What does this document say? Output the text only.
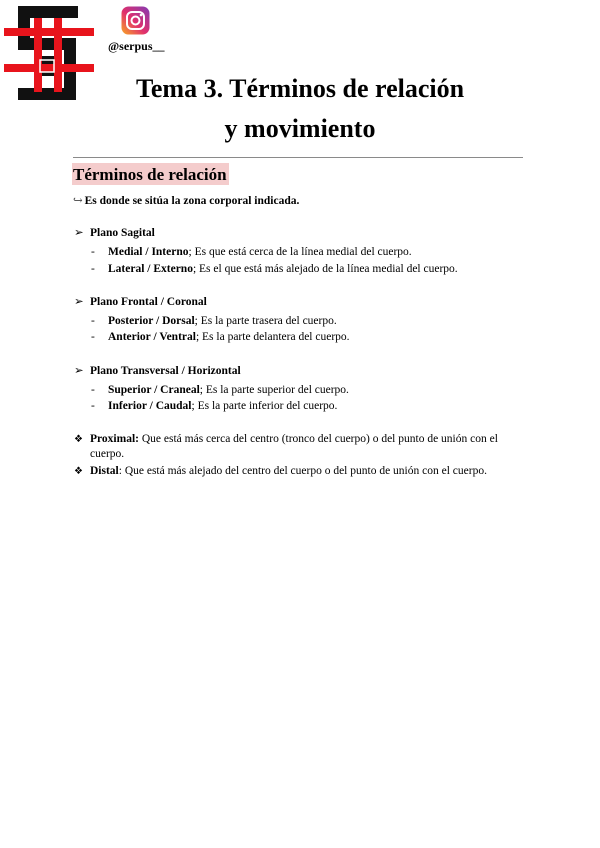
@serpus__
Tema 3. Términos de relación
y movimiento
Términos de relación
↪ Es donde se sitúa la zona corporal indicada.
➢ Plano Sagital
- Medial / Interno; Es que está cerca de la línea medial del cuerpo.
- Lateral / Externo; Es el que está más alejado de la línea medial del cuerpo.
➢ Plano Frontal / Coronal
- Posterior / Dorsal; Es la parte trasera del cuerpo.
- Anterior / Ventral; Es la parte delantera del cuerpo.
➢ Plano Transversal / Horizontal
- Superior / Craneal; Es la parte superior del cuerpo.
- Inferior / Caudal; Es la parte inferior del cuerpo.
❖ Proximal: Que está más cerca del centro (tronco del cuerpo) o del punto de unión con el cuerpo.
❖ Distal: Que está más alejado del centro del cuerpo o del punto de unión con el cuerpo.
